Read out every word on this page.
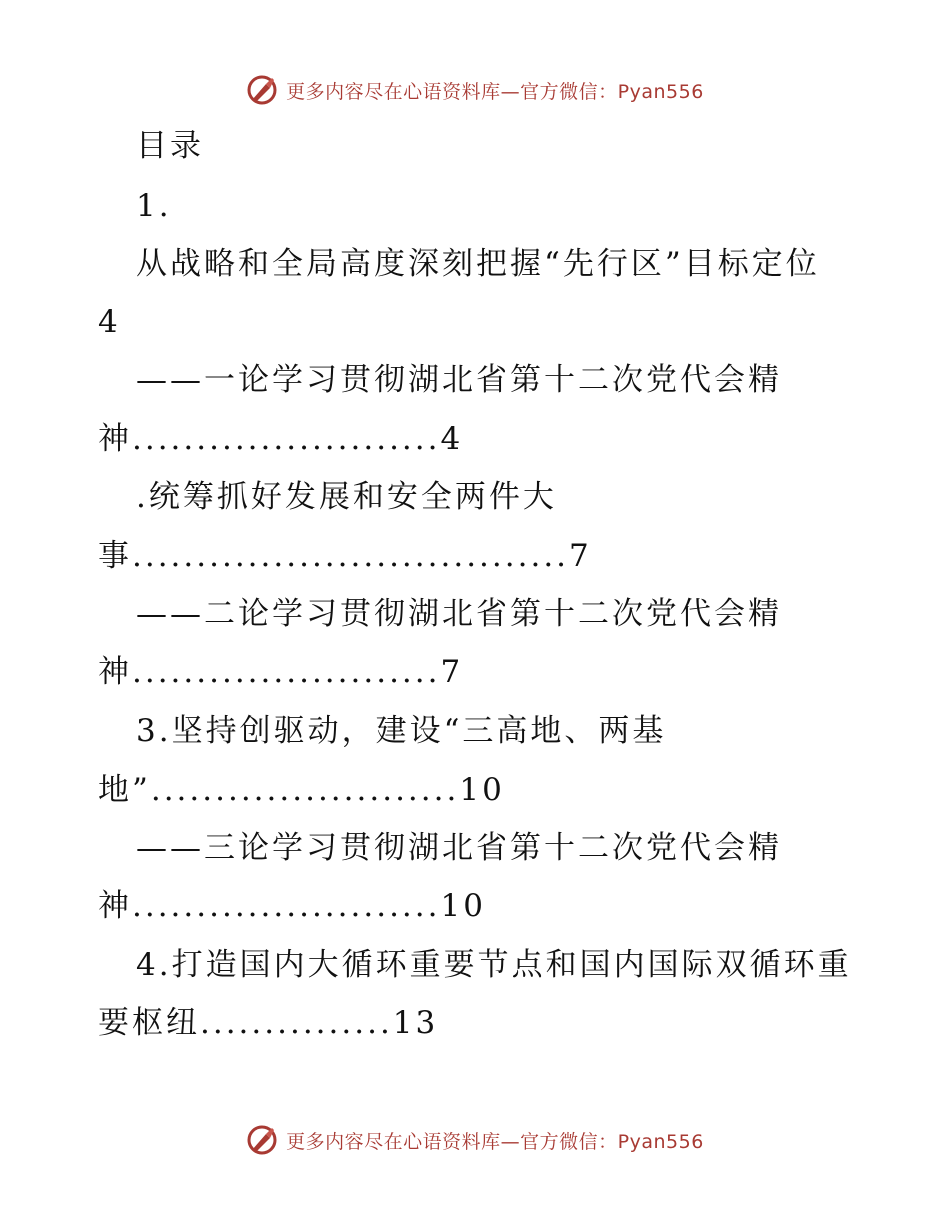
更多内容尽在心语资料库—官方微信：Pyan556
目录
1.
从战略和全局高度深刻把握“先行区”目标定位
4
——一论学习贯彻湖北省第十二次党代会精
神........................4
.统筹抓好发展和安全两件大
事..................................7
——二论学习贯彻湖北省第十二次党代会精
神........................7
3.坚持创驱动，建设“三高地、两基
地”........................10
——三论学习贯彻湖北省第十二次党代会精
神........................10
4.打造国内大循环重要节点和国内国际双循环重
要枢纽...............13
更多内容尽在心语资料库—官方微信：Pyan556
